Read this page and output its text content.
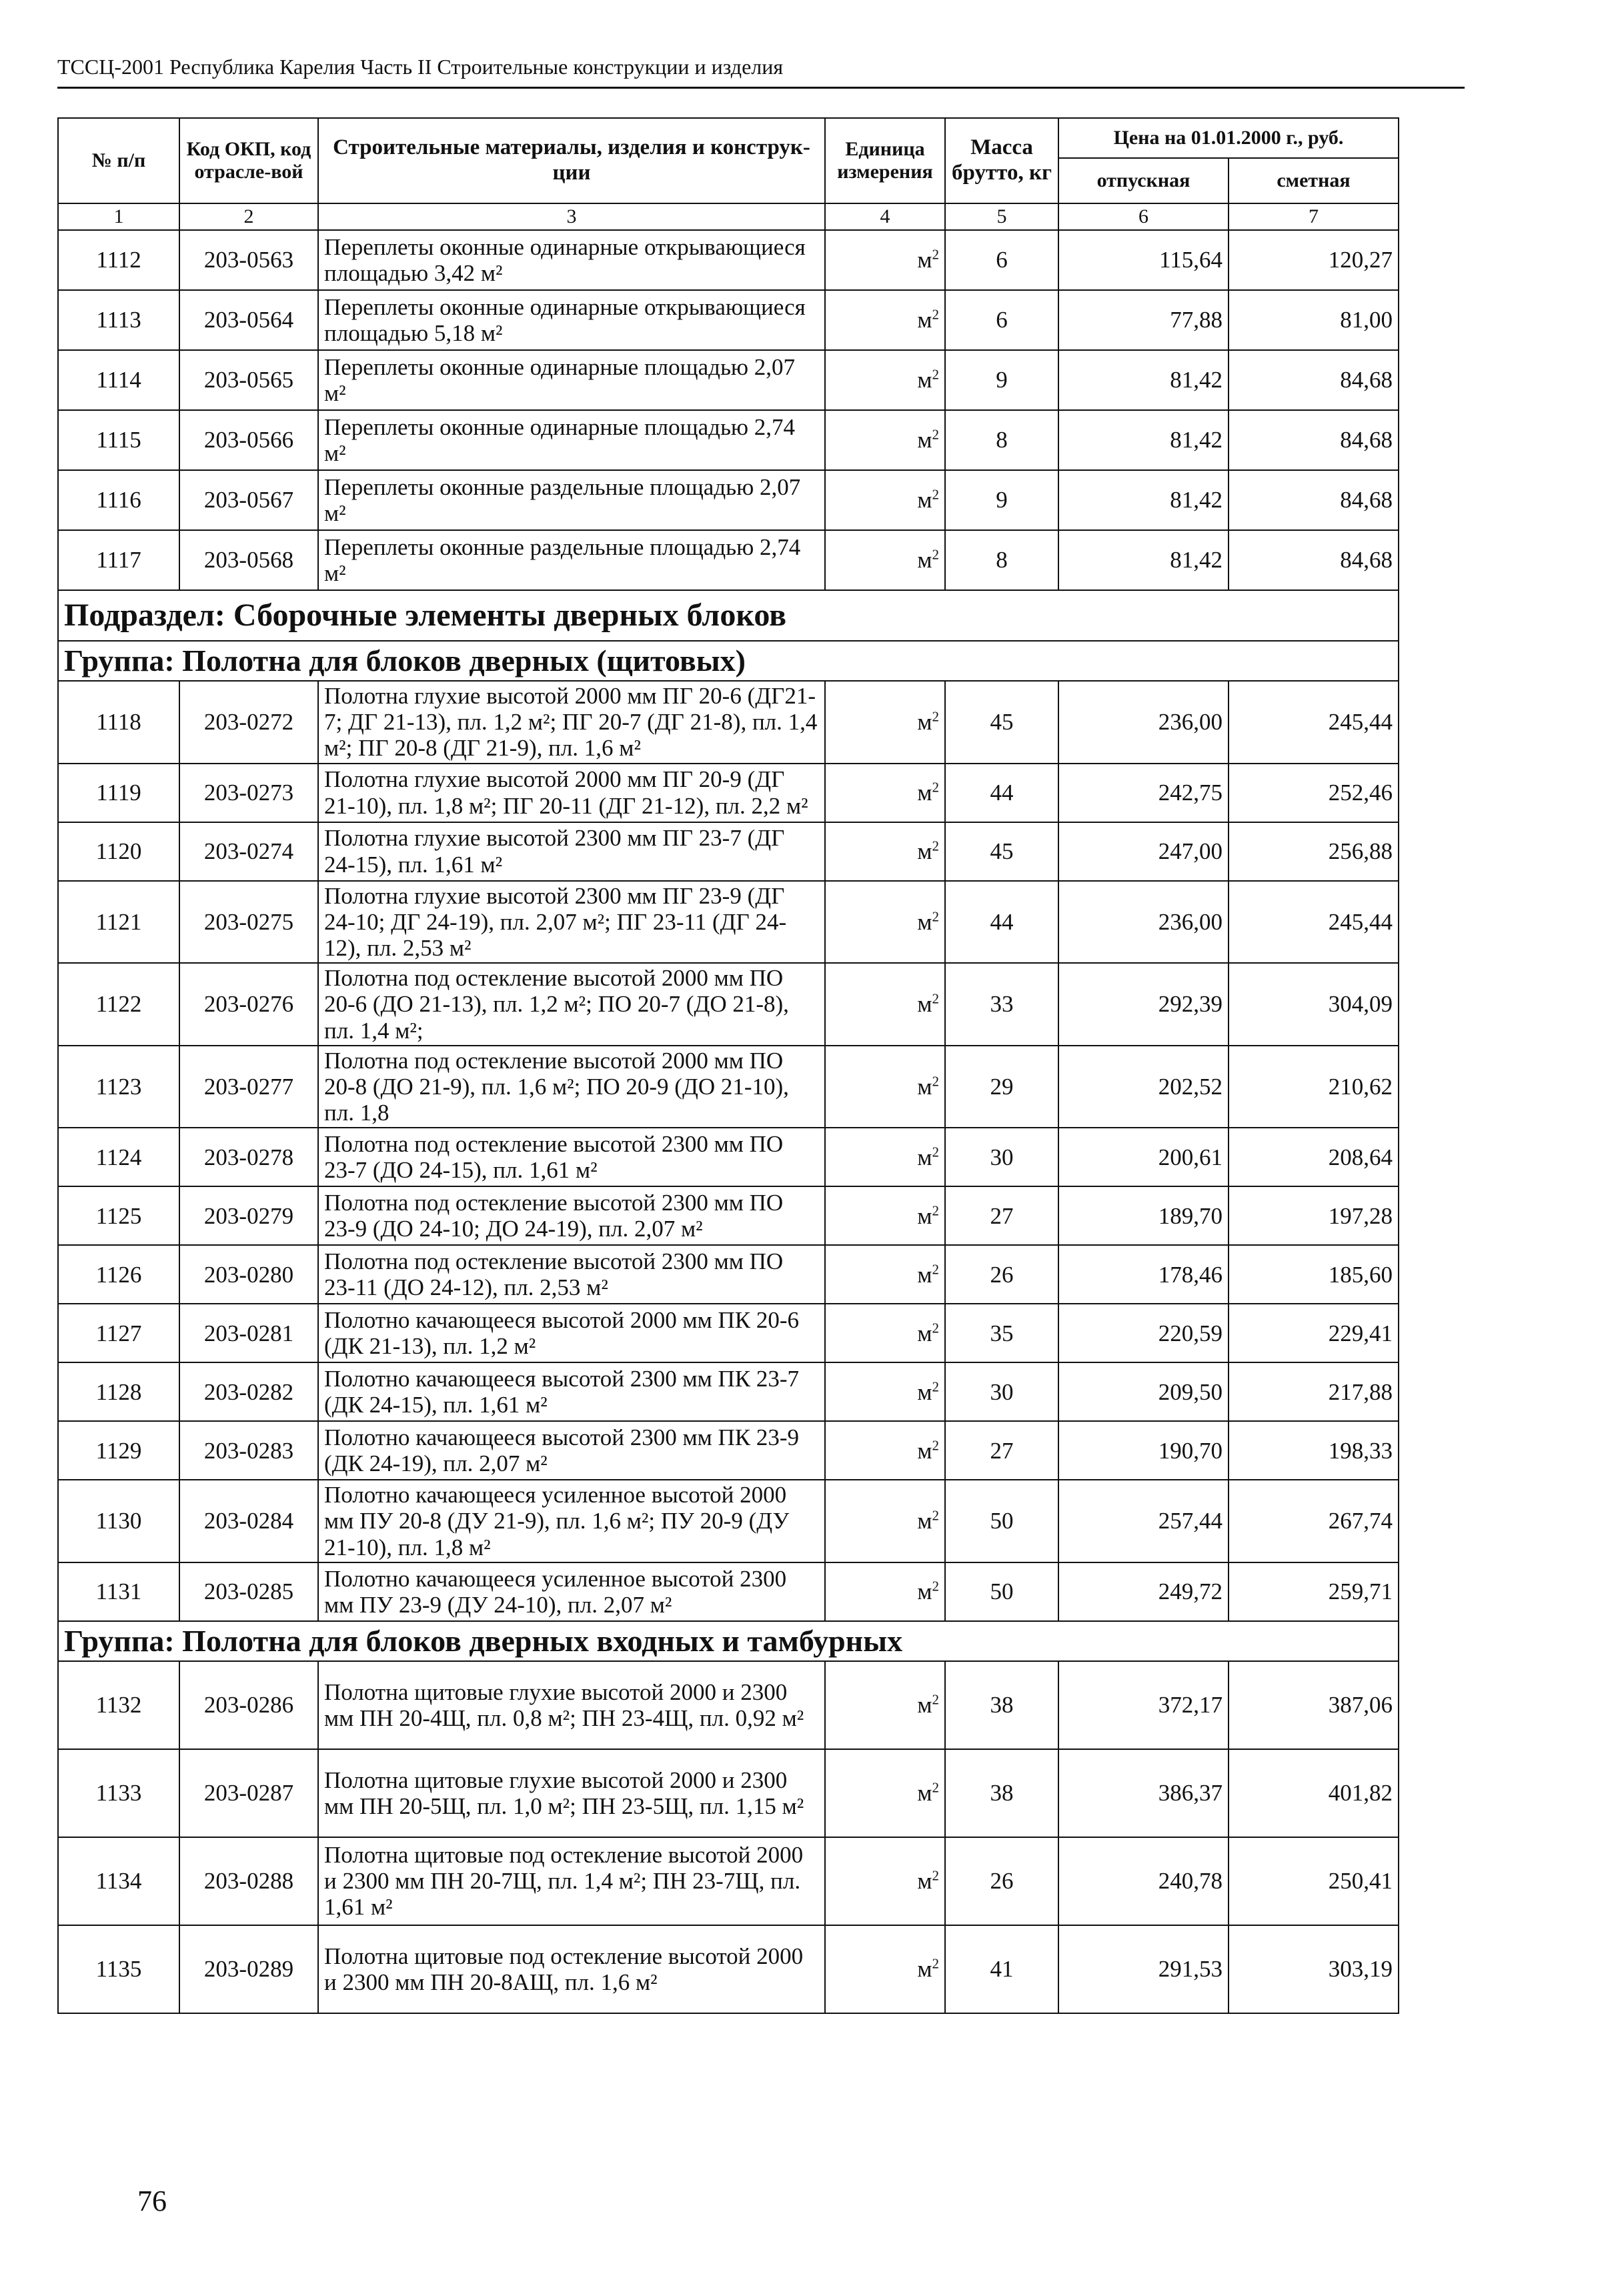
ТССЦ-2001 Республика Карелия Часть II Строительные конструкции и изделия
№ п/п	Код ОКП, код отрасле-вой	Строительные материалы, изделия и конструк-ции	Единица измерения	Масса брутто, кг	Цена на 01.01.2000 г., руб.	
					отпускная	сметная
1	2	3	4	5	6	7
1112	203-0563	Переплеты оконные одинарные открывающиеся площадью 3,42 м²	$м^2$	6	115,64	120,27
1113	203-0564	Переплеты оконные одинарные открывающиеся площадью 5,18 м²	$м^2$	6	77,88	81,00
1114	203-0565	Переплеты оконные одинарные площадью 2,07 м²	$м^2$	9	81,42	84,68
1115	203-0566	Переплеты оконные одинарные площадью 2,74 м²	$м^2$	8	81,42	84,68
1116	203-0567	Переплеты оконные раздельные площадью 2,07 м²	$м^2$	9	81,42	84,68
1117	203-0568	Переплеты оконные раздельные площадью 2,74 м²	$м^2$	8	81,42	84,68
Подраздел: Сборочные элементы дверных блоков						
Группа: Полотна для блоков дверных (щитовых)						
1118	203-0272	Полотна глухие высотой 2000 мм ПГ 20-6 (ДГ21-7; ДГ 21-13), пл. 1,2 м²; ПГ 20-7 (ДГ 21-8), пл. 1,4 м²; ПГ 20-8 (ДГ 21-9), пл. 1,6 м²	$м^2$	45	236,00	245,44
1119	203-0273	Полотна глухие высотой 2000 мм ПГ 20-9 (ДГ 21-10), пл. 1,8 м²; ПГ 20-11 (ДГ 21-12), пл. 2,2 м²	$м^2$	44	242,75	252,46
1120	203-0274	Полотна глухие высотой 2300 мм ПГ 23-7 (ДГ 24-15), пл. 1,61 м²	$м^2$	45	247,00	256,88
1121	203-0275	Полотна глухие высотой 2300 мм ПГ 23-9 (ДГ 24-10; ДГ 24-19), пл. 2,07 м²; ПГ 23-11 (ДГ 24-12), пл. 2,53 м²	$м^2$	44	236,00	245,44
1122	203-0276	Полотна под остекление высотой 2000 мм ПО 20-6 (ДО 21-13), пл. 1,2 м²; ПО 20-7 (ДО 21-8), пл. 1,4 м²;	$м^2$	33	292,39	304,09
1123	203-0277	Полотна под остекление высотой 2000 мм ПО 20-8 (ДО 21-9), пл. 1,6 м²; ПО 20-9 (ДО 21-10), пл. 1,8	$м^2$	29	202,52	210,62
1124	203-0278	Полотна под остекление высотой 2300 мм ПО 23-7 (ДО 24-15), пл. 1,61 м²	$м^2$	30	200,61	208,64
1125	203-0279	Полотна под остекление высотой 2300 мм ПО 23-9 (ДО 24-10; ДО 24-19), пл. 2,07 м²	$м^2$	27	189,70	197,28
1126	203-0280	Полотна под остекление высотой 2300 мм ПО 23-11 (ДО 24-12), пл. 2,53 м²	$м^2$	26	178,46	185,60
1127	203-0281	Полотно качающееся высотой 2000 мм ПК 20-6 (ДК 21-13), пл. 1,2 м²	$м^2$	35	220,59	229,41
1128	203-0282	Полотно качающееся высотой 2300 мм ПК 23-7 (ДК 24-15), пл. 1,61 м²	$м^2$	30	209,50	217,88
1129	203-0283	Полотно качающееся высотой 2300 мм ПК 23-9 (ДК 24-19), пл. 2,07 м²	$м^2$	27	190,70	198,33
1130	203-0284	Полотно качающееся усиленное высотой 2000 мм ПУ 20-8 (ДУ 21-9), пл. 1,6 м²; ПУ 20-9 (ДУ 21-10), пл. 1,8 м²	$м^2$	50	257,44	267,74
1131	203-0285	Полотно качающееся усиленное высотой 2300 мм ПУ 23-9 (ДУ 24-10), пл. 2,07 м²	$м^2$	50	249,72	259,71
Группа: Полотна для блоков дверных входных и тамбурных						
1132	203-0286	Полотна щитовые глухие высотой 2000 и 2300 мм ПН 20-4Щ, пл. 0,8 м²; ПН 23-4Щ, пл. 0,92 м²	$м^2$	38	372,17	387,06
1133	203-0287	Полотна щитовые глухие высотой 2000 и 2300 мм ПН 20-5Щ, пл. 1,0 м²; ПН 23-5Щ, пл. 1,15 м²	$м^2$	38	386,37	401,82
1134	203-0288	Полотна щитовые под остекление высотой 2000 и 2300 мм ПН 20-7Щ, пл. 1,4 м²; ПН 23-7Щ, пл. 1,61 м²	$м^2$	26	240,78	250,41
1135	203-0289	Полотна щитовые под остекление высотой 2000 и 2300 мм ПН 20-8АЩ, пл. 1,6 м²	$м^2$	41	291,53	303,19
76
